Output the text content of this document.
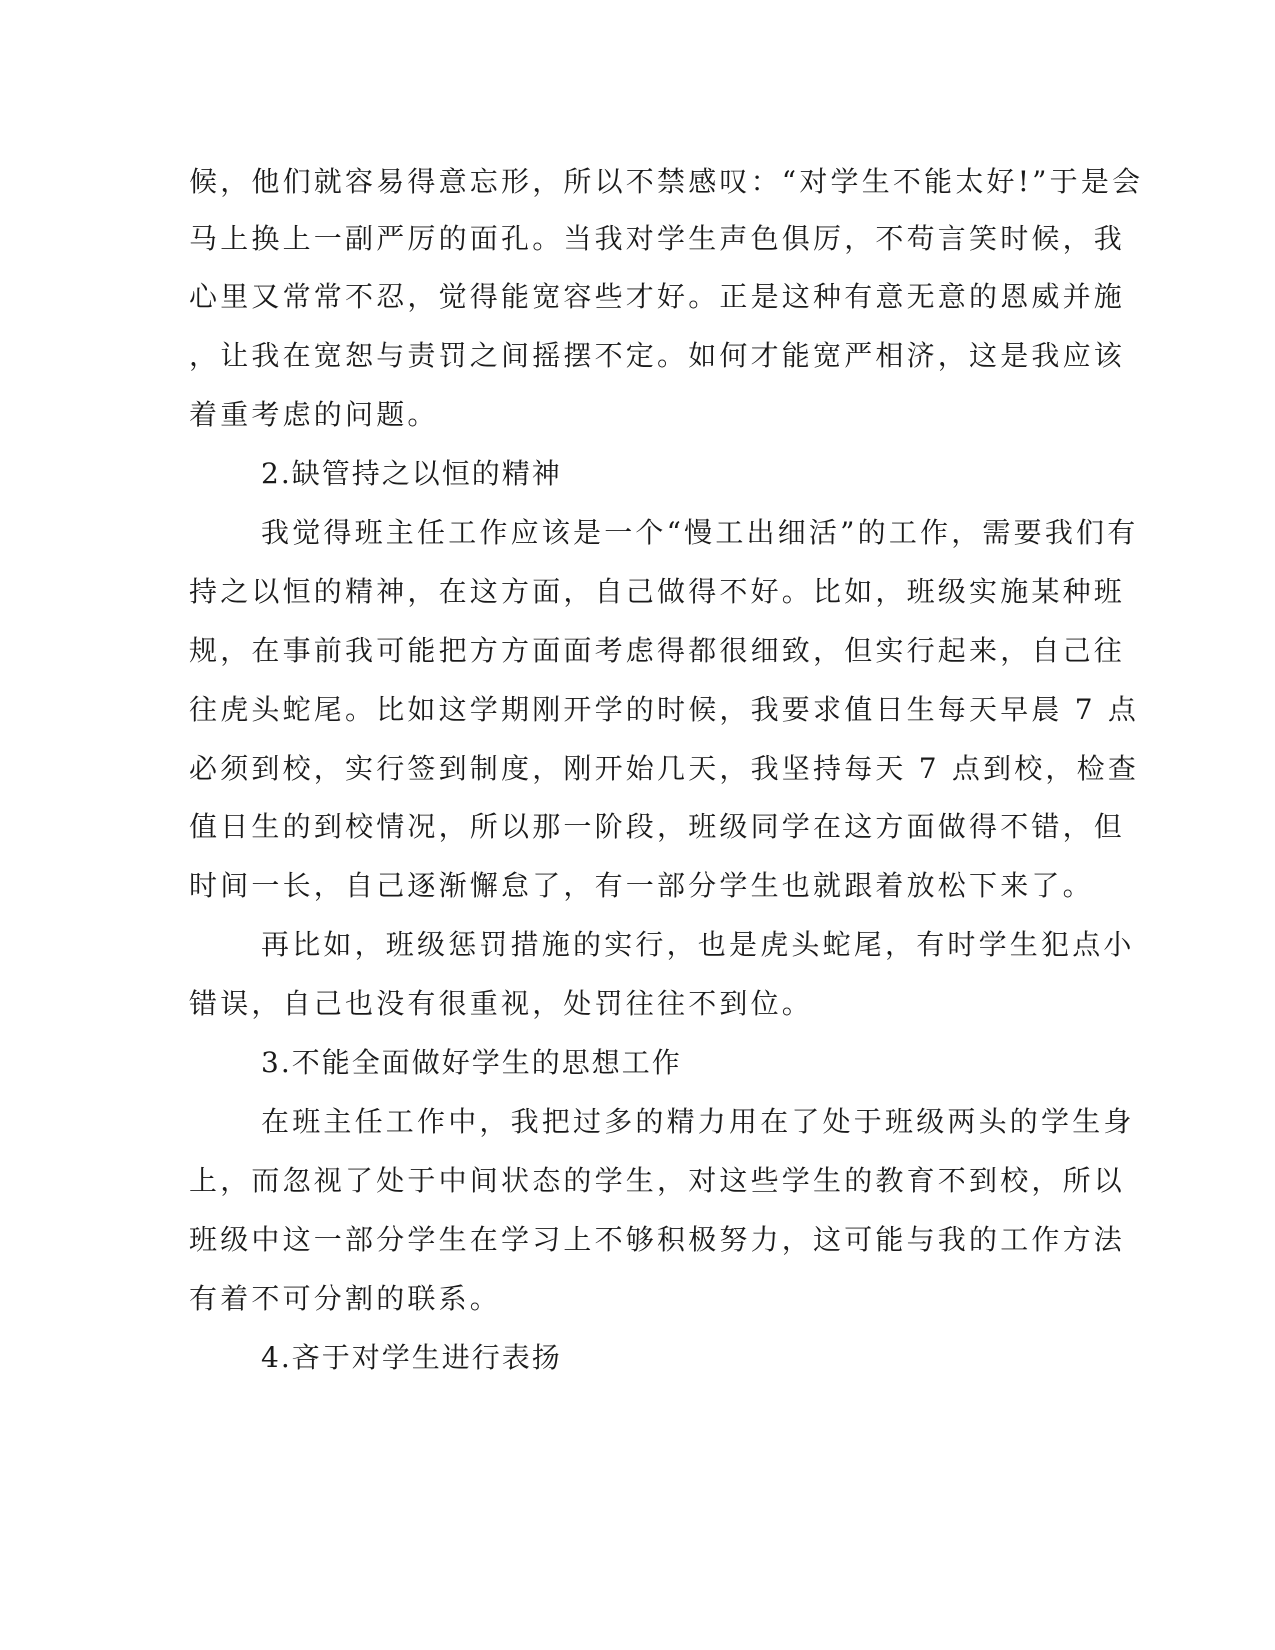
候，他们就容易得意忘形，所以不禁感叹：“对学生不能太好!”于是会
马上换上一副严厉的面孔。当我对学生声色俱厉，不苟言笑时候，我
心里又常常不忍，觉得能宽容些才好。正是这种有意无意的恩威并施
，让我在宽恕与责罚之间摇摆不定。如何才能宽严相济，这是我应该
着重考虑的问题。
2.缺管持之以恒的精神
我觉得班主任工作应该是一个“慢工出细活”的工作，需要我们有
持之以恒的精神，在这方面，自己做得不好。比如，班级实施某种班
规，在事前我可能把方方面面考虑得都很细致，但实行起来，自己往
往虎头蛇尾。比如这学期刚开学的时候，我要求值日生每天早晨 7 点
必须到校，实行签到制度，刚开始几天，我坚持每天 7 点到校，检查
值日生的到校情况，所以那一阶段，班级同学在这方面做得不错，但
时间一长，自己逐渐懈怠了，有一部分学生也就跟着放松下来了。
再比如，班级惩罚措施的实行，也是虎头蛇尾，有时学生犯点小
错误，自己也没有很重视，处罚往往不到位。
3.不能全面做好学生的思想工作
在班主任工作中，我把过多的精力用在了处于班级两头的学生身
上，而忽视了处于中间状态的学生，对这些学生的教育不到校，所以
班级中这一部分学生在学习上不够积极努力，这可能与我的工作方法
有着不可分割的联系。
4.吝于对学生进行表扬
